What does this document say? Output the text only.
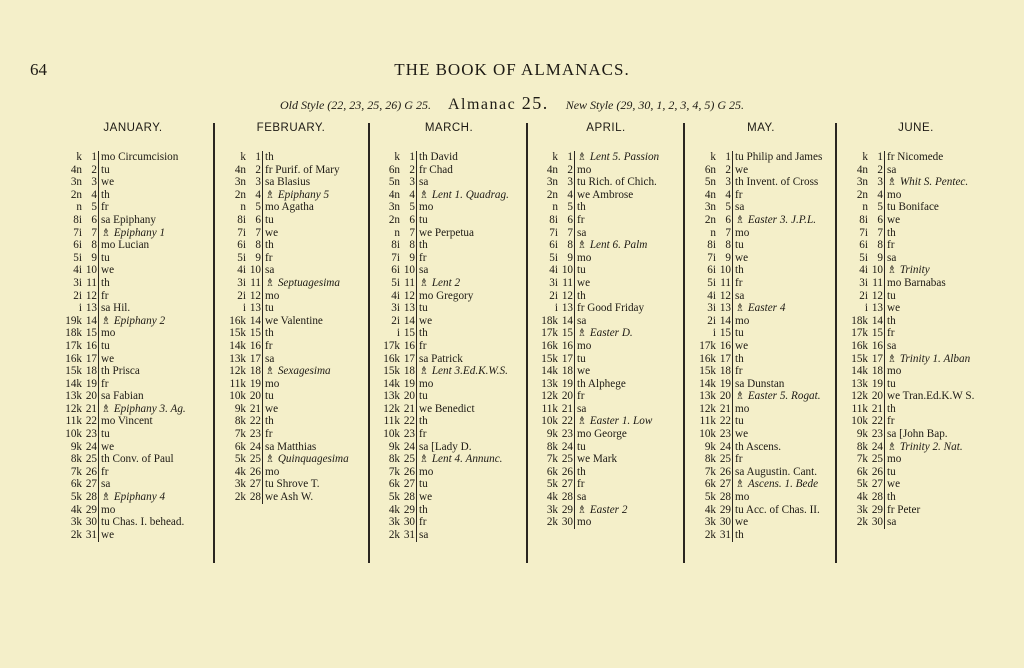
64	THE BOOK OF ALMANACS.
Old Style (22, 23, 25, 26) G 25. Almanac 25. New Style (29, 30, 1, 2, 3, 4, 5) G 25.
JANUARY.
k 1 mo Circumcision
4n 2 tu
3n 3 we
2n 4 th
n 5 fr
8i 6 sa Epiphany
7i 7 ♗ Epiphany 1
6i 8 mo Lucian
5i 9 tu
4i 10 we
3i 11 th
2i 12 fr
i 13 sa Hil.
19k 14 ♗ Epiphany 2
18k 15 mo
17k 16 tu
16k 17 we
15k 18 th Prisca
14k 19 fr
13k 20 sa Fabian
12k 21 ♗ Epiphany 3. Ag.
11k 22 mo Vincent
10k 23 tu
9k 24 we
8k 25 th Conv. of Paul
7k 26 fr
6k 27 sa
5k 28 ♗ Epiphany 4
4k 29 mo
3k 30 tu Chas. I. behead.
2k 31 we
FEBRUARY.
k 1 th
4n 2 fr Purif. of Mary
3n 3 sa Blasius
2n 4 ♗ Epiphany 5
n 5 mo Agatha
8i 6 tu
7i 7 we
6i 8 th
5i 9 fr
4i 10 sa
3i 11 ♗ Septuagesima
2i 12 mo
i 13 tu
16k 14 we Valentine
15k 15 th
14k 16 fr
13k 17 sa
12k 18 ♗ Sexagesima
11k 19 mo
10k 20 tu
9k 21 we
8k 22 th
7k 23 fr
6k 24 sa Matthias
5k 25 ♗ Quinquagesima
4k 26 mo
3k 27 tu Shrove T.
2k 28 we Ash W.
MARCH.
k 1 th David
6n 2 fr Chad
5n 3 sa
4n 4 ♗ Lent 1. Quadrag.
3n 5 mo
2n 6 tu
n 7 we Perpetua
8i 8 th
7i 9 fr
6i 10 sa
5i 11 ♗ Lent 2
4i 12 mo Gregory
3i 13 tu
2i 14 we
i 15 th
17k 16 fr
16k 17 sa Patrick
15k 18 ♗ Lent 3.Ed.K.W.S.
14k 19 mo
13k 20 tu
12k 21 we Benedict
11k 22 th
10k 23 fr
9k 24 sa [Lady D.
8k 25 ♗ Lent 4. Annunc.
7k 26 mo
6k 27 tu
5k 28 we
4k 29 th
3k 30 fr
2k 31 sa
APRIL.
k 1 ♗ Lent 5. Passion
4n 2 mo
3n 3 tu Rich. of Chich.
2n 4 we Ambrose
n 5 th
8i 6 fr
7i 7 sa
6i 8 ♗ Lent 6. Palm
5i 9 mo
4i 10 tu
3i 11 we
2i 12 th
i 13 fr Good Friday
18k 14 sa
17k 15 ♗ Easter D.
16k 16 mo
15k 17 tu
14k 18 we
13k 19 th Alphege
12k 20 fr
11k 21 sa
10k 22 ♗ Easter 1. Low
9k 23 mo George
8k 24 tu
7k 25 we Mark
6k 26 th
5k 27 fr
4k 28 sa
3k 29 ♗ Easter 2
2k 30 mo
MAY.
k 1 tu Philip and James
6n 2 we
5n 3 th Invent. of Cross
4n 4 fr
3n 5 sa
2n 6 ♗ Easter 3. J.P.L.
n 7 mo
8i 8 tu
7i 9 we
6i 10 th
5i 11 fr
4i 12 sa
3i 13 ♗ Easter 4
2i 14 mo
i 15 tu
17k 16 we
16k 17 th
15k 18 fr
14k 19 sa Dunstan
13k 20 ♗ Easter 5. Rogat.
12k 21 mo
11k 22 tu
10k 23 we
9k 24 th Ascens.
8k 25 fr
7k 26 sa Augustin. Cant.
6k 27 ♗ Ascens. 1. Bede
5k 28 mo
4k 29 tu Acc. of Chas. II.
3k 30 we
2k 31 th
JUNE.
k 1 fr Nicomede
4n 2 sa
3n 3 ♗ Whit S. Pentec.
2n 4 mo
n 5 tu Boniface
8i 6 we
7i 7 th
6i 8 fr
5i 9 sa
4i 10 ♗ Trinity
3i 11 mo Barnabas
2i 12 tu
i 13 we
18k 14 th
17k 15 fr
16k 16 sa
15k 17 ♗ Trinity 1. Alban
14k 18 mo
13k 19 tu
12k 20 we Tran.Ed.K.W S.
11k 21 th
10k 22 fr
9k 23 sa [John Bap.
8k 24 ♗ Trinity 2. Nat.
7k 25 mo
6k 26 tu
5k 27 we
4k 28 th
3k 29 fr Peter
2k 30 sa
